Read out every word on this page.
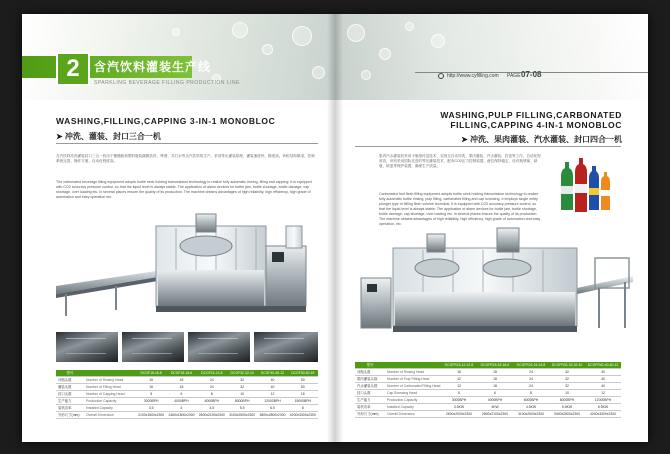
2	含汽饮料灌装生产线
SPARKLING BEVERAGE FILLING PRODUCTION LINE
WASHING,FILLING,CAPPING 3-IN-1 MONOBLOC
➤ 冲洗、灌装、封口三合一机
含汽饮料冲洗灌装封口三合一机用于聚酯瓶和塑料瓶装碳酸饮料、啤酒、苏打水等含汽饮料的生产。采用等压灌装原理，灌装速度快、精度高。该机结构紧凑，控制系统完善，操作方便，自动化程度高。
The carbonated beverage filling equipment adopts bottle neck holding transmission technology to realize fully automatic rinsing, filling and capping. It is equipped with CO2 accuracy pressure control, so that the liquid level is always stable. The application of alarm devices for bottle jam, bottle shortage, bottle damage, cap shortage, over loading etc. in several places ensure the quality of its production. The machine obtains advantages of high reliability, high efficiency, high grade of automation and easy operation etc.
型号		DCGF16-16-5	DCGF18-18-6	DCGF24-24-8	DCGF32-32-10	DCGF40-40-12	DCGF50-50-15
冲瓶头数	Number of Rinsing Head	16	18	24	32	40	50
灌装头数	Number of Filling Head	16	18	24	32	40	50
封口头数	Number of Capping Head	5	6	8	10	12	15
生产能力	Production Capacity	3000BPH	4000BPH	6000BPH	8000BPH	12000BPH	15000BPH
装机功率	Installed Capacity	3.5	4	4.5	5.5	6.5	8
外形尺寸(mm)	Overall Dimension	2100x1600x2300	2460x1800x2300	2800x2150x2300	3100x2500x2300	3800x2800x2300	4200x3300x2300
http://www.cyfilling.com PAGE 07-08
WASHING,PULP FILLING,CARBONATED FILLING,CAPPING 4-IN-1 MONOBLOC
➤ 冲洗、果肉灌装、汽水灌装、封口四合一机
果肉汽水灌装机采用卡瓶颈传送技术，实现全自动冲洗、果肉灌装、汽水灌装、封盖等工作。自动化程度高，该机采用国际先进的等压灌装技术，配有CO2压力控制装置，液位保持稳定，设有瓶堵塞、缺瓶、缺盖等保护装置，确保生产质量。
Carbonated fruit flesh filling equipment adopts bottle neck holding transmission technology to realize fully automatic bottle rinsing, pulp filling, carbonated filling and cap screwing. It employs single entity plunger type of fillling flesh volume technical. It is equipped with CO2 accuracy pressure control, so that the liquid level is always stable. The application of alarm devices for bottle jam, bottle shortage, bottle damage, cap shortage, over loading etc. in several places ensure the quality of its production. The machine obtains advantages of high reliability, high efficiency, high grade of automation and easy operation, etc.
型号		DCGFR16-12-12-5	DCGFR18-18-18-6	DCGFR24-24-24-8	DCGFR32-32-32-10	DCGFR40-40-40-12
冲瓶头数	Number of Rinsing Head	16	18	24	32	40
果肉灌装头数	Number of Pulp Filling Head	12	18	24	32	40
汽水灌装头数	Number of Carbonated Filling Head	12	18	24	32	40
封口头数	Cap Screwing Head	5	6	8	10	12
生产能力	Production Capacity	3000BPH	4000BPH	6000BPH	8000BPH	12000BPH
装机功率	Installed Capacity	3.5KW	4KW	4.5KW	5.5KW	6.5KW
外形尺寸(mm)	Overall Dimension	2600x2000x2300	2800x2100x2300	3100x2500x2300	3400x2800x2300	4200x3300x2300
